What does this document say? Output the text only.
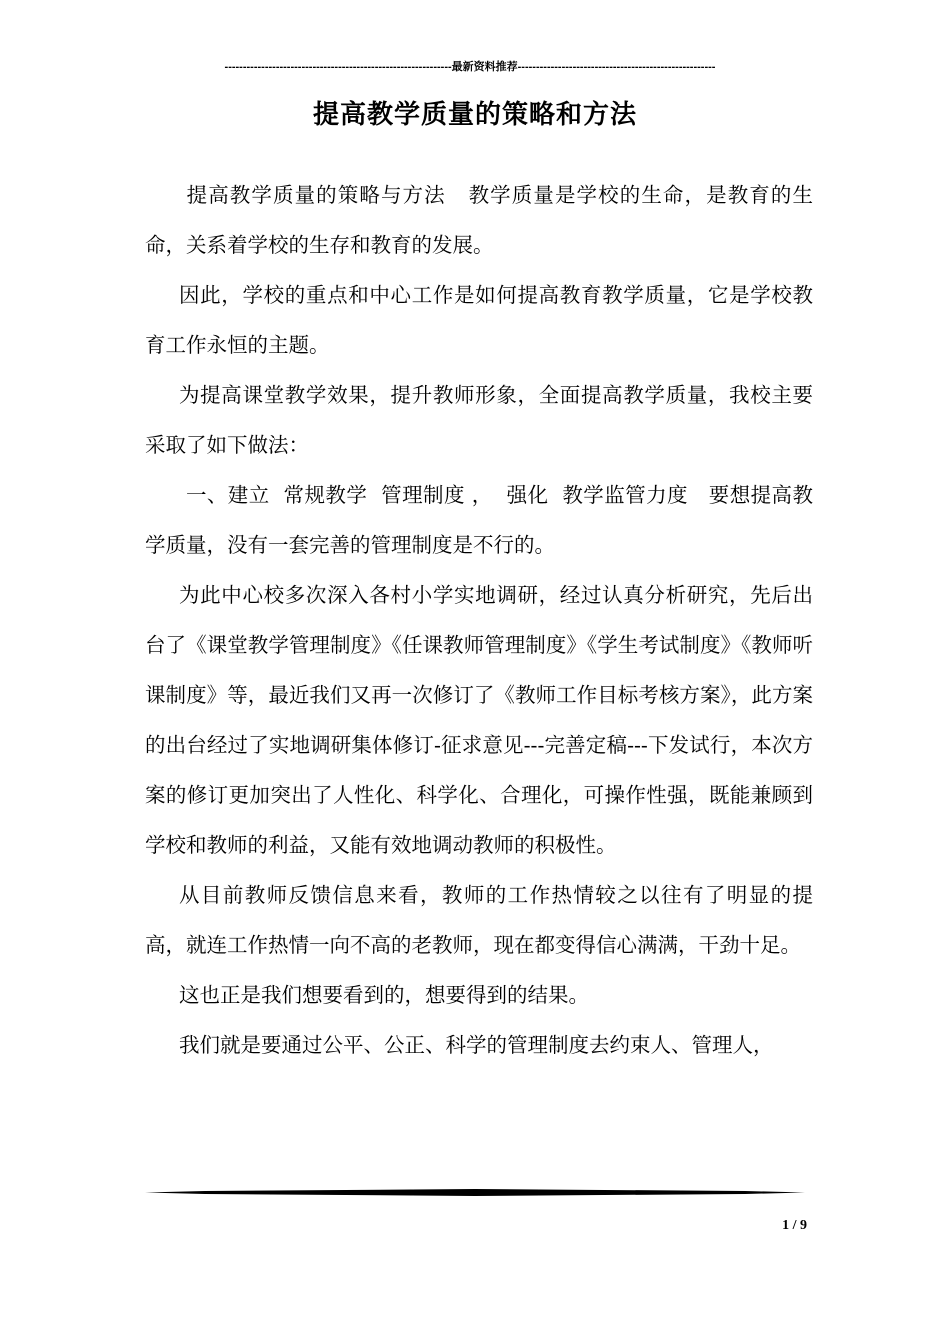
--------------------------------------------------------------最新资料推荐------------------------------------------------------
提高教学质量的策略和方法

提高教学质量的策略与方法   教学质量是学校的生命，是教育的生命，关系着学校的生存和教育的发展。

因此，学校的重点和中心工作是如何提高教育教学质量，它是学校教育工作永恒的主题。

为提高课堂教学效果，提升教师形象，全面提高教学质量，我校主要采取了如下做法：

一、建立  常规教学  管理制度 ，  强化  教学监管力度   要想提高教学质量，没有一套完善的管理制度是不行的。

为此中心校多次深入各村小学实地调研，经过认真分析研究，先后出台了《课堂教学管理制度》《任课教师管理制度》《学生考试制度》《教师听课制度》等，最近我们又再一次修订了《教师工作目标考核方案》，此方案的出台经过了实地调研集体修订-征求意见---完善定稿---下发试行，本次方案的修订更加突出了人性化、科学化、合理化，可操作性强，既能兼顾到学校和教师的利益，又能有效地调动教师的积极性。

从目前教师反馈信息来看，教师的工作热情较之以往有了明显的提高，就连工作热情一向不高的老教师，现在都变得信心满满，干劲十足。

这也正是我们想要看到的，想要得到的结果。

我们就是要通过公平、公正、科学的管理制度去约束人、管理人，

1 / 9
